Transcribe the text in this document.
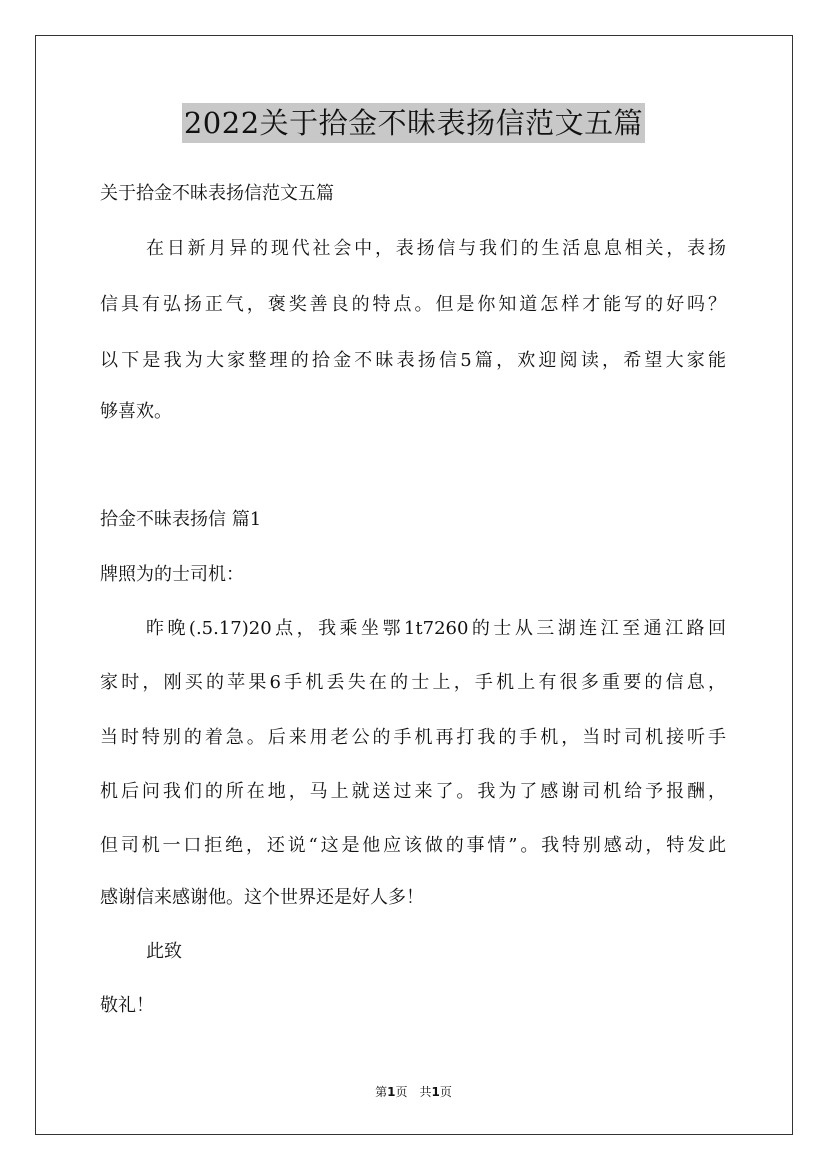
2022关于拾金不昧表扬信范文五篇
关于拾金不昧表扬信范文五篇
在日新月异的现代社会中，表扬信与我们的生活息息相关，表扬
信具有弘扬正气，褒奖善良的特点。但是你知道怎样才能写的好吗？
以下是我为大家整理的拾金不昧表扬信5篇，欢迎阅读，希望大家能
够喜欢。
拾金不昧表扬信 篇1
牌照为的士司机：
昨晚(.5.17)20点，我乘坐鄂1t7260的士从三湖连江至通江路回
家时，刚买的苹果6手机丢失在的士上，手机上有很多重要的信息，
当时特别的着急。后来用老公的手机再打我的手机，当时司机接听手
机后问我们的所在地，马上就送过来了。我为了感谢司机给予报酬，
但司机一口拒绝，还说“这是他应该做的事情”。我特别感动，特发此
感谢信来感谢他。这个世界还是好人多！
此致
敬礼！
第1页　共1页
